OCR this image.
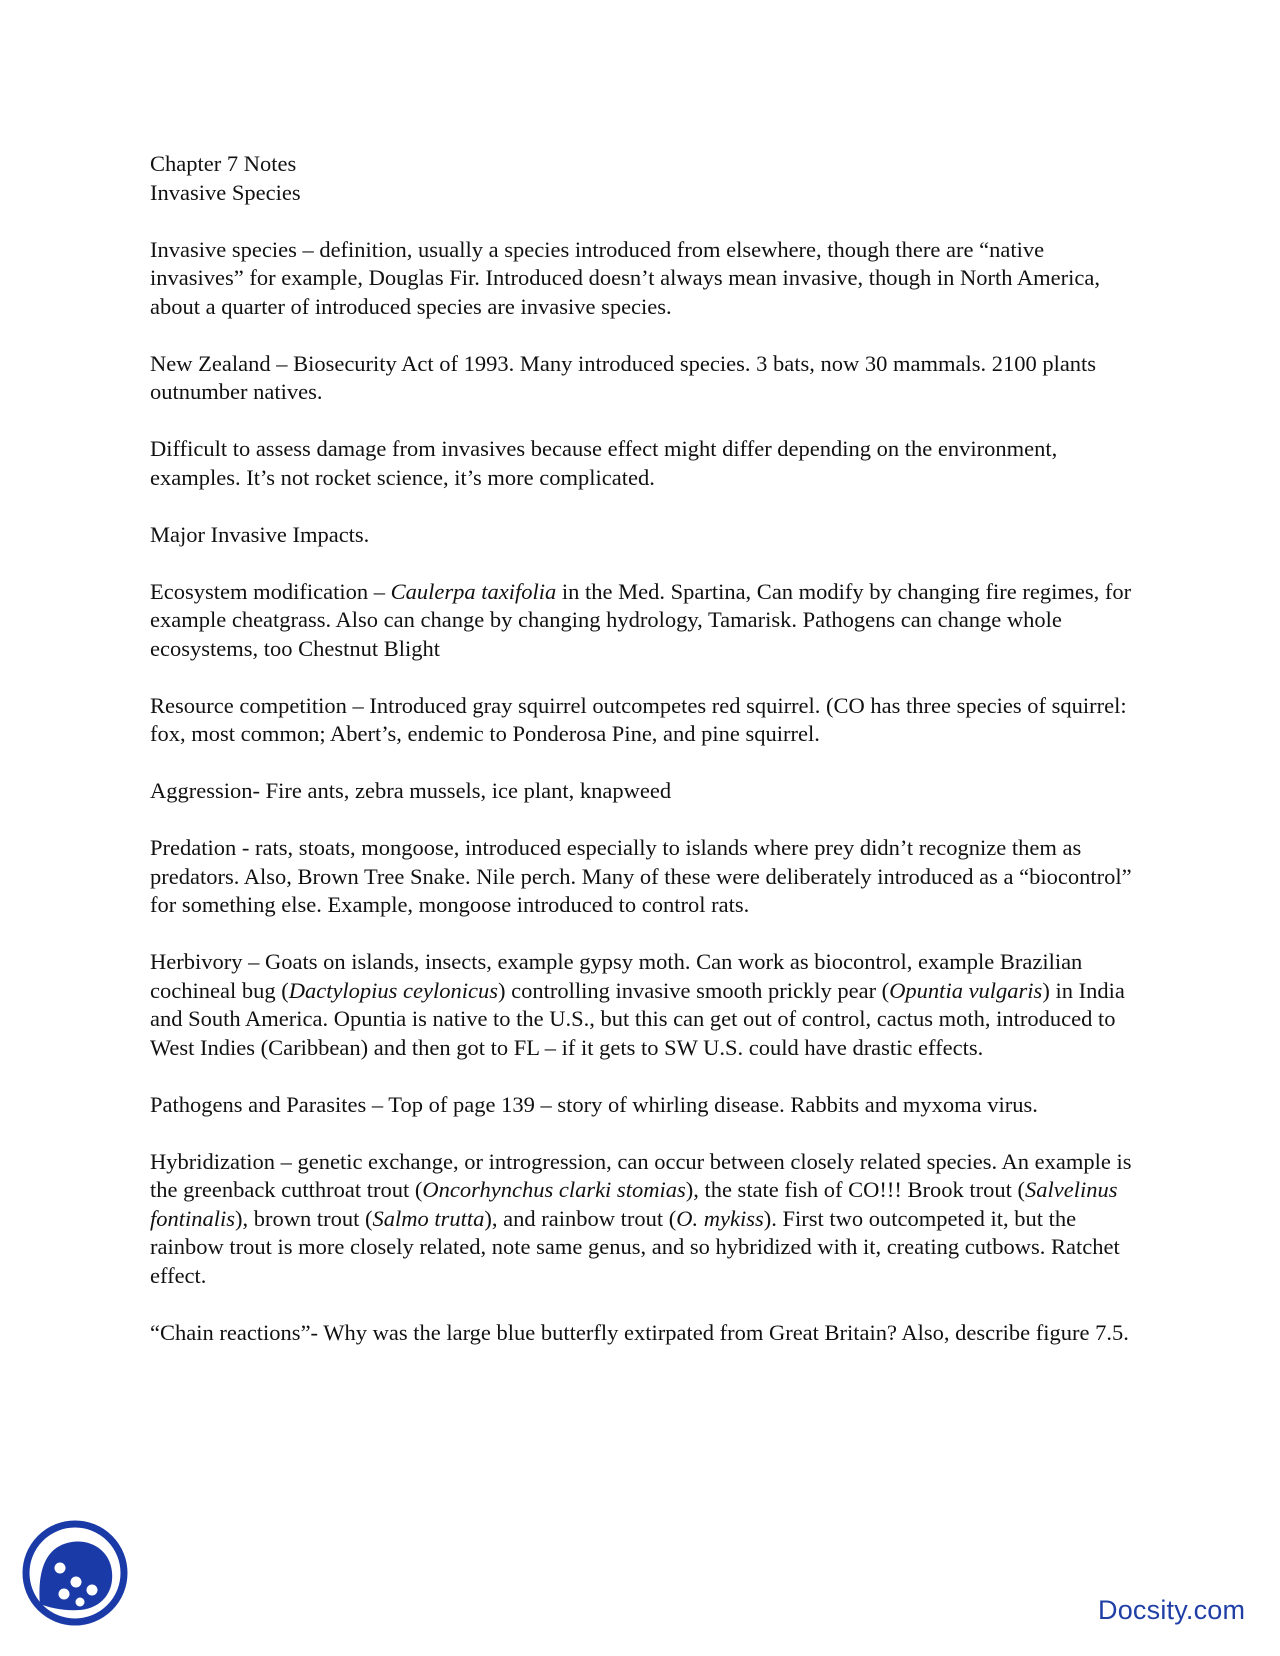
Chapter 7 Notes
Invasive Species

Invasive species – definition, usually a species introduced from elsewhere, though there are “native invasives” for example, Douglas Fir. Introduced doesn’t always mean invasive, though in North America, about a quarter of introduced species are invasive species.

New Zealand – Biosecurity Act of 1993. Many introduced species. 3 bats, now 30 mammals. 2100 plants outnumber natives.

Difficult to assess damage from invasives because effect might differ depending on the environment, examples. It’s not rocket science, it’s more complicated.

Major Invasive Impacts.

Ecosystem modification – Caulerpa taxifolia in the Med. Spartina, Can modify by changing fire regimes, for example cheatgrass. Also can change by changing hydrology, Tamarisk. Pathogens can change whole ecosystems, too Chestnut Blight

Resource competition – Introduced gray squirrel outcompetes red squirrel. (CO has three species of squirrel: fox, most common; Abert’s, endemic to Ponderosa Pine, and pine squirrel.

Aggression- Fire ants, zebra mussels, ice plant, knapweed

Predation - rats, stoats, mongoose, introduced especially to islands where prey didn’t recognize them as predators. Also, Brown Tree Snake. Nile perch. Many of these were deliberately introduced as a “biocontrol” for something else. Example, mongoose introduced to control rats.

Herbivory – Goats on islands, insects, example gypsy moth. Can work as biocontrol, example Brazilian cochineal bug (Dactylopius ceylonicus) controlling invasive smooth prickly pear (Opuntia vulgaris) in India and South America. Opuntia is native to the U.S., but this can get out of control, cactus moth, introduced to West Indies (Caribbean) and then got to FL – if it gets to SW U.S. could have drastic effects.

Pathogens and Parasites – Top of page 139 – story of whirling disease. Rabbits and myxoma virus.

Hybridization – genetic exchange, or introgression, can occur between closely related species. An example is the greenback cutthroat trout (Oncorhynchus clarki stomias), the state fish of CO!!! Brook trout (Salvelinus fontinalis), brown trout (Salmo trutta), and rainbow trout (O. mykiss). First two outcompeted it, but the rainbow trout is more closely related, note same genus, and so hybridized with it, creating cutbows. Ratchet effect.

“Chain reactions”- Why was the large blue butterfly extirpated from Great Britain? Also, describe figure 7.5.

Docsity.com
